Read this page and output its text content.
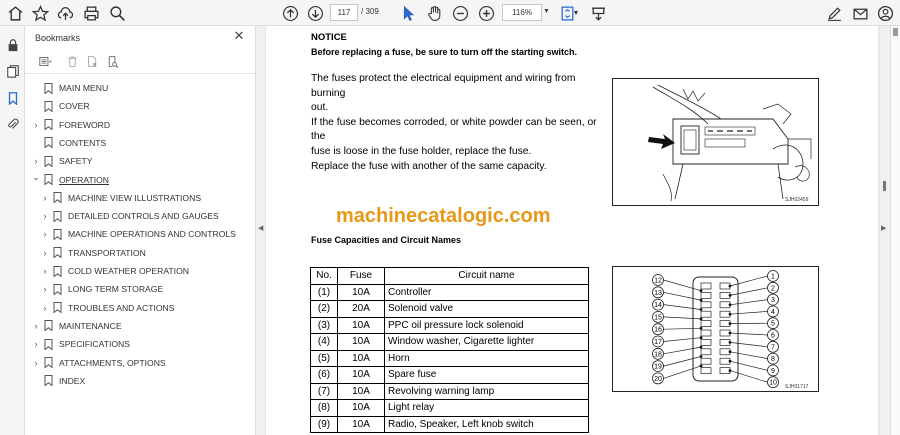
117	/ 309	116%	▼	▼
Bookmarks	✕
MAIN MENU
COVER
›	FOREWORD
CONTENTS
›	SAFETY
⌄ OPERATION
›	MACHINE VIEW ILLUSTRATIONS
›	DETAILED CONTROLS AND GAUGES
›	MACHINE OPERATIONS AND CONTROLS
›	TRANSPORTATION
›	COLD WEATHER OPERATION
›	LONG TERM STORAGE
›	TROUBLES AND ACTIONS
›	MAINTENANCE
›	SPECIFICATIONS
›	ATTACHMENTS, OPTIONS
INDEX
◀
NOTICE
Before replacing a fuse, be sure to turn off the starting switch.
The fuses protect the electrical equipment and wiring from burning
out.
If the fuse becomes corroded, or white powder can be seen, or the
fuse is loose in the fuse holder, replace the fuse.
Replace the fuse with another of the same capacity.
SJH02459
machinecatalogic.com
Fuse Capacities and Circuit Names
12
13
14
15
16
17
18
19
20
1
2
3
4
5
6
7
8
9
10
SJH01717
No.	Fuse	Circuit name
(1)	10A	Controller
(2)	20A	Solenoid valve
(3)	10A	PPC oil pressure lock solenoid
(4)	10A	Window washer, Cigarette lighter
(5)	10A	Horn
(6)	10A	Spare fuse
(7)	10A	Revolving warning lamp
(8)	10A	Light relay
(9)	10A	Radio, Speaker, Left knob switch
▶
